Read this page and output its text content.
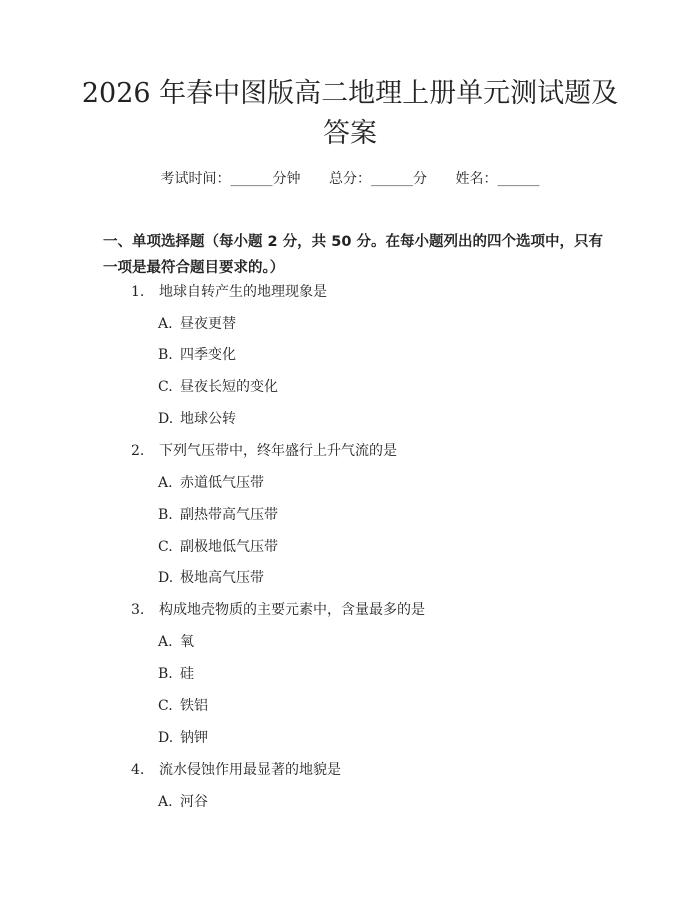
2026 年春中图版高二地理上册单元测试题及
答案
考试时间：______分钟 总分：______分 姓名：______

一、单项选择题（每小题 2 分，共 50 分。在每小题列出的四个选项中，只有一项是最符合题目要求的。）

1. 地球自转产生的地理现象是
A. 昼夜更替
B. 四季变化
C. 昼夜长短的变化
D. 地球公转
2. 下列气压带中，终年盛行上升气流的是
A. 赤道低气压带
B. 副热带高气压带
C. 副极地低气压带
D. 极地高气压带
3. 构成地壳物质的主要元素中，含量最多的是
A. 氧
B. 硅
C. 铁铝
D. 钠钾
4. 流水侵蚀作用最显著的地貌是
A. 河谷
